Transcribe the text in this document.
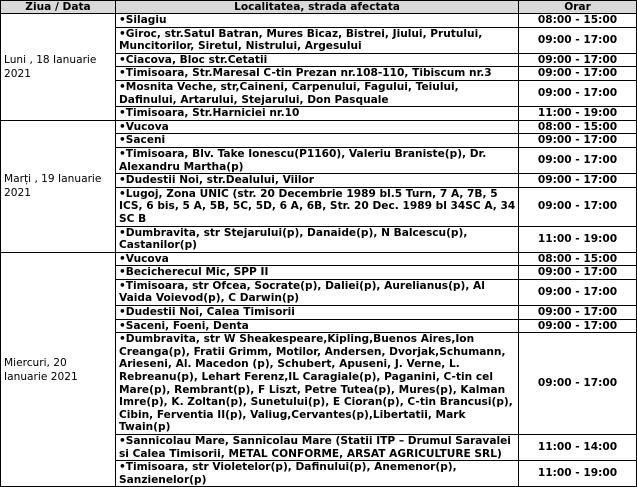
Ziua / Data	Localitatea, strada afectata	Orar
Luni , 18 Ianuarie 2021	•Silagiu	08:00 - 15:00
	•Giroc, str.Satul Batran, Mures Bicaz, Bistrei, Jiului, Prutului, Muncitorilor, Siretul, Nistrului, Argesului	09:00 - 17:00
	•Ciacova, Bloc str.Cetatii	09:00 - 17:00
	•Timisoara, Str.Maresal C-tin Prezan nr.108-110, Tibiscum nr.3	09:00 - 17:00
	•Mosnita Veche, str,Caineni, Carpenului, Fagului, Teiului, Dafinului, Artarului, Stejarului, Don Pasquale	09:00 - 17:00
	•Timisoara, Str.Harniciei nr.10	11:00 - 19:00
Marți , 19 Ianuarie 2021	•Vucova	08:00 - 15:00
	•Saceni	09:00 - 17:00
	•Timisoara, Blv. Take Ionescu(P1160), Valeriu Braniste(p), Dr. Alexandru Martha(p)	09:00 - 17:00
	•Dudestii Noi, str.Dealului, Viilor	09:00 - 17:00
	•Lugoj, Zona UNIC (str. 20 Decembrie 1989 bl.5 Turn, 7 A, 7B, 5 ICS, 6 bis, 5 A, 5B, 5C, 5D, 6 A, 6B, Str. 20 Dec. 1989 bl 34SC A, 34 SC B	09:00 - 17:00
	•Dumbravita, str Stejarului(p), Danaide(p), N Balcescu(p), Castanilor(p)	11:00 - 19:00
Miercuri, 20 Ianuarie 2021	•Vucova	08:00 - 15:00
	•Becicherecul Mic, SPP II	09:00 - 17:00
	•Timisoara, str Ofcea, Socrate(p), Daliei(p), Aurelianus(p), Al Vaida Voievod(p), C Darwin(p)	09:00 - 17:00
	•Dudestii Noi, Calea Timisorii	09:00 - 17:00
	•Saceni, Foeni, Denta	09:00 - 17:00
	•Dumbravita, str W Sheakespeare,Kipling,Buenos Aires,Ion Creanga(p), Fratii Grimm, Motilor, Andersen, Dvorjak,Schumann, Arieseni, Al. Macedon (p), Schubert, Apuseni, J. Verne, L. Rebreanu(p), Lehart Ferenz,IL Caragiale(p), Paganini, C-tin cel Mare(p), Rembrant(p), F Liszt, Petre Tutea(p), Mures(p), Kalman Imre(p), K. Zoltan(p), Sunetului(p), E Cioran(p), C-tin Brancusi(p), Cibin, Ferventia II(p), Valiug,Cervantes(p),Libertatii, Mark Twain(p)	09:00 - 17:00
	•Sannicolau Mare, Sannicolau Mare (Statii ITP – Drumul Saravalei si Calea Timisorii, METAL CONFORME, ARSAT AGRICULTURE SRL)	11:00 - 14:00
	•Timisoara, str Violetelor(p), Dafinului(p), Anemenor(p), Sanzienelor(p)	11:00 - 19:00
